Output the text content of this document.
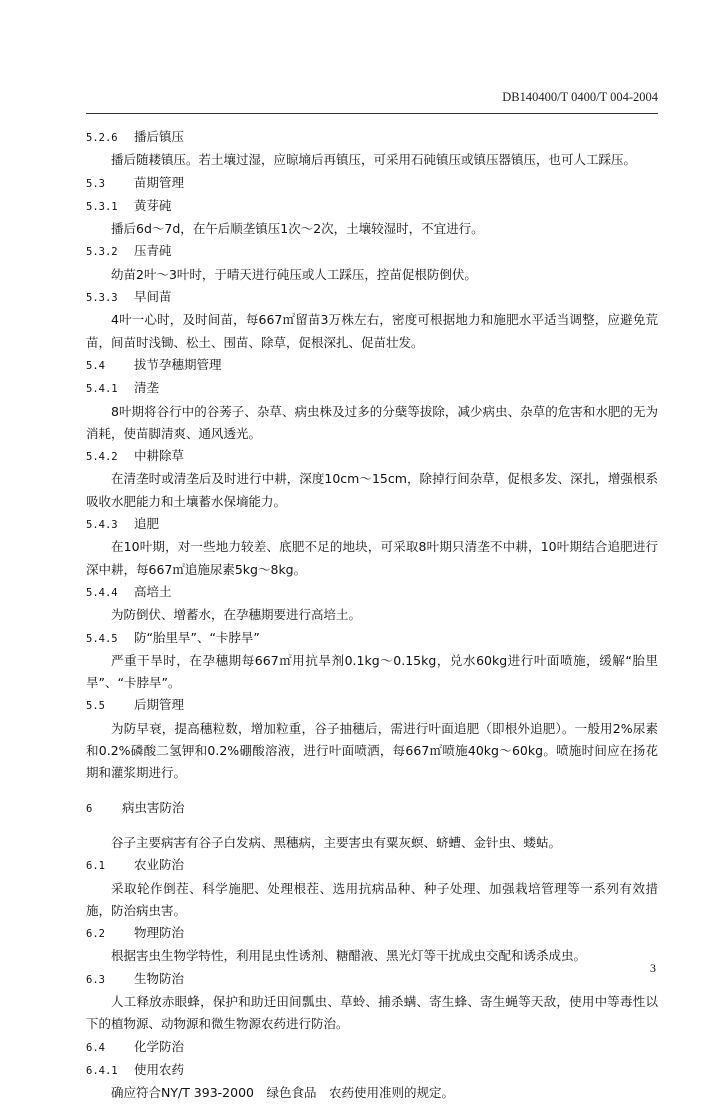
DB140400/T 0400/T 004-2004
5.2.6 播后镇压
播后随耧镇压。若土壤过湿，应晾墒后再镇压，可采用石砘镇压或镇压器镇压，也可人工踩压。
5.3 苗期管理
5.3.1 黄芽砘
播后6d～7d，在午后顺垄镇压1次～2次，土壤较湿时，不宜进行。
5.3.2 压青砘
幼苗2叶～3叶时，于晴天进行砘压或人工踩压，控苗促根防倒伏。
5.3.3 早间苗
4叶一心时，及时间苗，每667㎡留苗3万株左右，密度可根据地力和施肥水平适当调整，应避免荒苗，间苗时浅锄、松土、围苗、除草，促根深扎、促苗壮发。
5.4 拔节孕穗期管理
5.4.1 清垄
8叶期将谷行中的谷莠子、杂草、病虫株及过多的分蘖等拔除，减少病虫、杂草的危害和水肥的无为消耗，使苗脚清爽、通风透光。
5.4.2 中耕除草
在清垄时或清垄后及时进行中耕，深度10cm～15cm，除掉行间杂草，促根多发、深扎，增强根系吸收水肥能力和土壤蓄水保墒能力。
5.4.3 追肥
在10叶期，对一些地力较差、底肥不足的地块，可采取8叶期只清垄不中耕，10叶期结合追肥进行深中耕，每667㎡追施尿素5kg～8kg。
5.4.4 高培土
为防倒伏、增蓄水，在孕穗期要进行高培土。
5.4.5 防“胎里旱”、“卡脖旱”
严重干旱时，在孕穗期每667㎡用抗旱剂0.1kg～0.15kg，兑水60kg进行叶面喷施，缓解“胎里旱”、“卡脖旱”。
5.5 后期管理
为防早衰，提高穗粒数，增加粒重，谷子抽穗后，需进行叶面追肥（即根外追肥）。一般用2%尿素和0.2%磷酸二氢钾和0.2%硼酸溶液，进行叶面喷洒，每667㎡喷施40kg～60kg。喷施时间应在扬花期和灌浆期进行。
6 病虫害防治
谷子主要病害有谷子白发病、黑穗病，主要害虫有粟灰螟、蛴螬、金针虫、蝼蛄。
6.1 农业防治
采取轮作倒茬、科学施肥、处理根茬、选用抗病品种、种子处理、加强栽培管理等一系列有效措施，防治病虫害。
6.2 物理防治
根据害虫生物学特性，利用昆虫性诱剂、糖醋液、黑光灯等干扰成虫交配和诱杀成虫。
6.3 生物防治
人工释放赤眼蜂，保护和助迁田间瓢虫、草蛉、捕杀螨、寄生蜂、寄生蝇等天敌，使用中等毒性以下的植物源、动物源和微生物源农药进行防治。
6.4 化学防治
6.4.1 使用农药
确应符合NY/T 393-2000　绿色食品　农药使用准则的规定。
3
